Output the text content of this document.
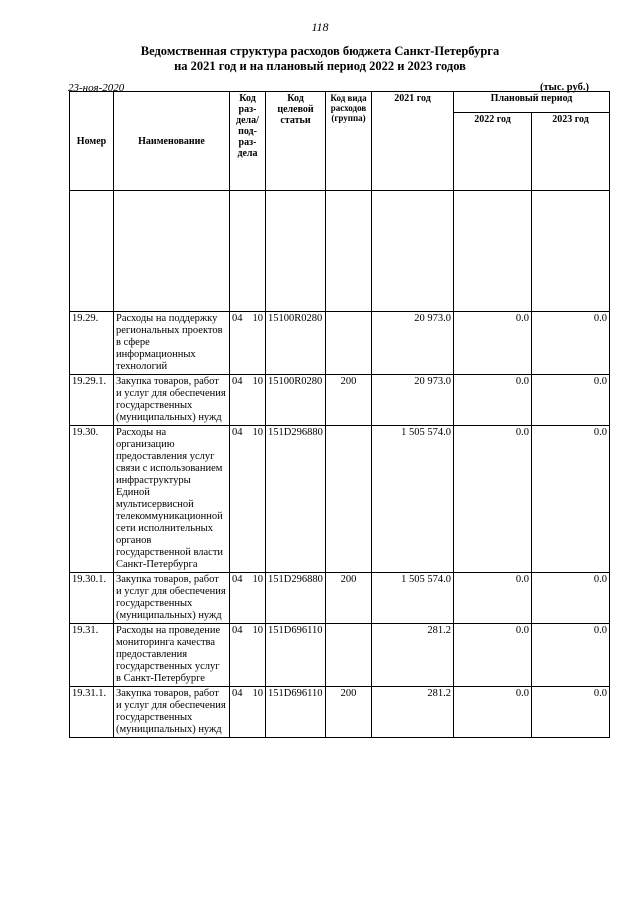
118
Ведомственная структура расходов бюджета Санкт-Петербурга
на 2021 год и на плановый период 2022 и 2023 годов
23-ноя-2020	(тыс. руб.)
Номер	Наименование	Код раз- дела/ под- раз- дела	Код целевой статьи	Код вида расходов (группа)	2021 год	Плановый период	
						2022 год	2023 год

19.29.	Расходы на поддержку региональных проектов в сфере информационных технологий	04 10	15100R0280		20 973.0	0.0	0.0
19.29.1.	Закупка товаров, работ и услуг для обеспечения государственных (муниципальных) нужд	04 10	15100R0280	200	20 973.0	0.0	0.0
19.30.	Расходы на организацию предоставления услуг связи с использованием инфраструктуры Единой мультисервисной телекоммуникационной сети исполнительных органов государственной власти Санкт-Петербурга	04 10	151D296880		1 505 574.0	0.0	0.0
19.30.1.	Закупка товаров, работ и услуг для обеспечения государственных (муниципальных) нужд	04 10	151D296880	200	1 505 574.0	0.0	0.0
19.31.	Расходы на проведение мониторинга качества предоставления государственных услуг в Санкт-Петербурге	04 10	151D696110		281.2	0.0	0.0
19.31.1.	Закупка товаров, работ и услуг для обеспечения государственных (муниципальных) нужд	04 10	151D696110	200	281.2	0.0	0.0
